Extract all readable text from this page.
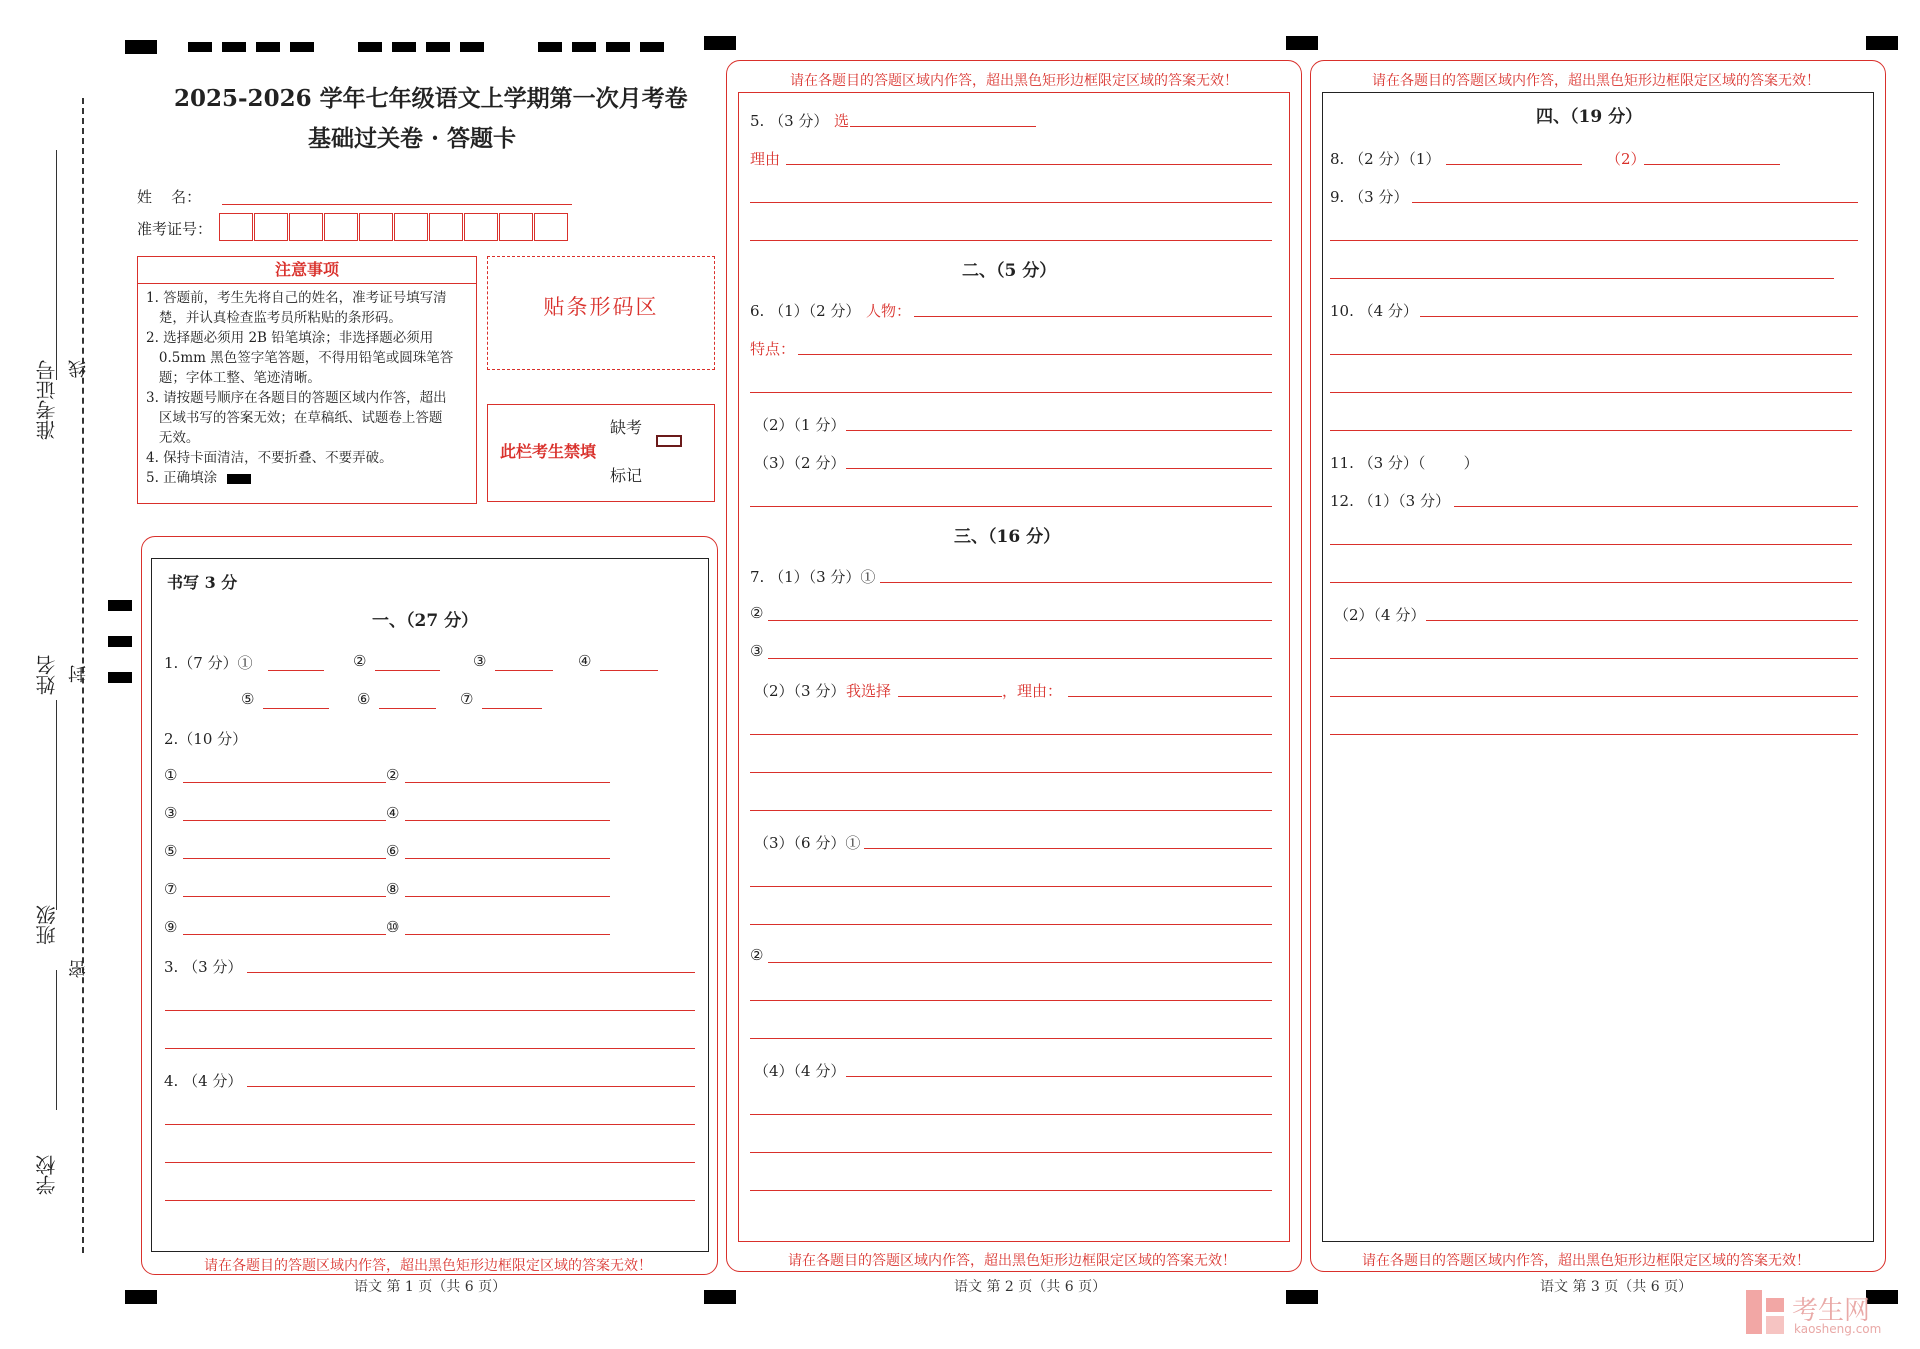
准考证号 线
姓名 封
班级
密
学校
2025-2026 学年七年级语文上学期第一次月考卷
基础过关卷 · 答题卡
姓    名：
准考证号：
注意事项
1. 答题前，考生先将自己的姓名，准考证号填写清
楚，并认真检查监考员所粘贴的条形码。
2. 选择题必须用 2B 铅笔填涂；非选择题必须用
0.5mm 黑色签字笔答题，不得用铅笔或圆珠笔答
题；字体工整、笔迹清晰。
3. 请按题号顺序在各题目的答题区域内作答，超出
区域书写的答案无效；在草稿纸、试题卷上答题
无效。
4. 保持卡面清洁，不要折叠、不要弄破。
5. 正确填涂
贴条形码区
此栏考生禁填
缺考
标记
请在各题目的答题区域内作答，超出黑色矩形边框限定区域的答案无效！
书写 3 分
一、（27 分）
1.（7 分）①	②	③	④
⑤	⑥	⑦
2.（10 分）
①	②
③	④
⑤	⑥
⑦	⑧
⑨	⑩
3. （3 分）
4. （4 分）
语文 第 1 页（共 6 页）
请在各题目的答题区域内作答，超出黑色矩形边框限定区域的答案无效！
请在各题目的答题区域内作答，超出黑色矩形边框限定区域的答案无效！
5. （3 分） 选
理由
二、（5 分）
6. （1）（2 分） 人物：
特点：
（2）（1 分）
（3）（2 分）
三、（16 分）
7. （1）（3 分）①
②
③
（2）（3 分） 我选择	，理由：
（3）（6 分）①
②
（4）（4 分）
语文 第 2 页（共 6 页）
请在各题目的答题区域内作答，超出黑色矩形边框限定区域的答案无效！
请在各题目的答题区域内作答，超出黑色矩形边框限定区域的答案无效！
四、（19 分）
8. （2 分）（1）	（2）
9. （3 分）
10. （4 分）
11. （3 分）（        ）
12. （1）（3 分）
（2）（4 分）
语文 第 3 页（共 6 页）
考生网
kaosheng.com
